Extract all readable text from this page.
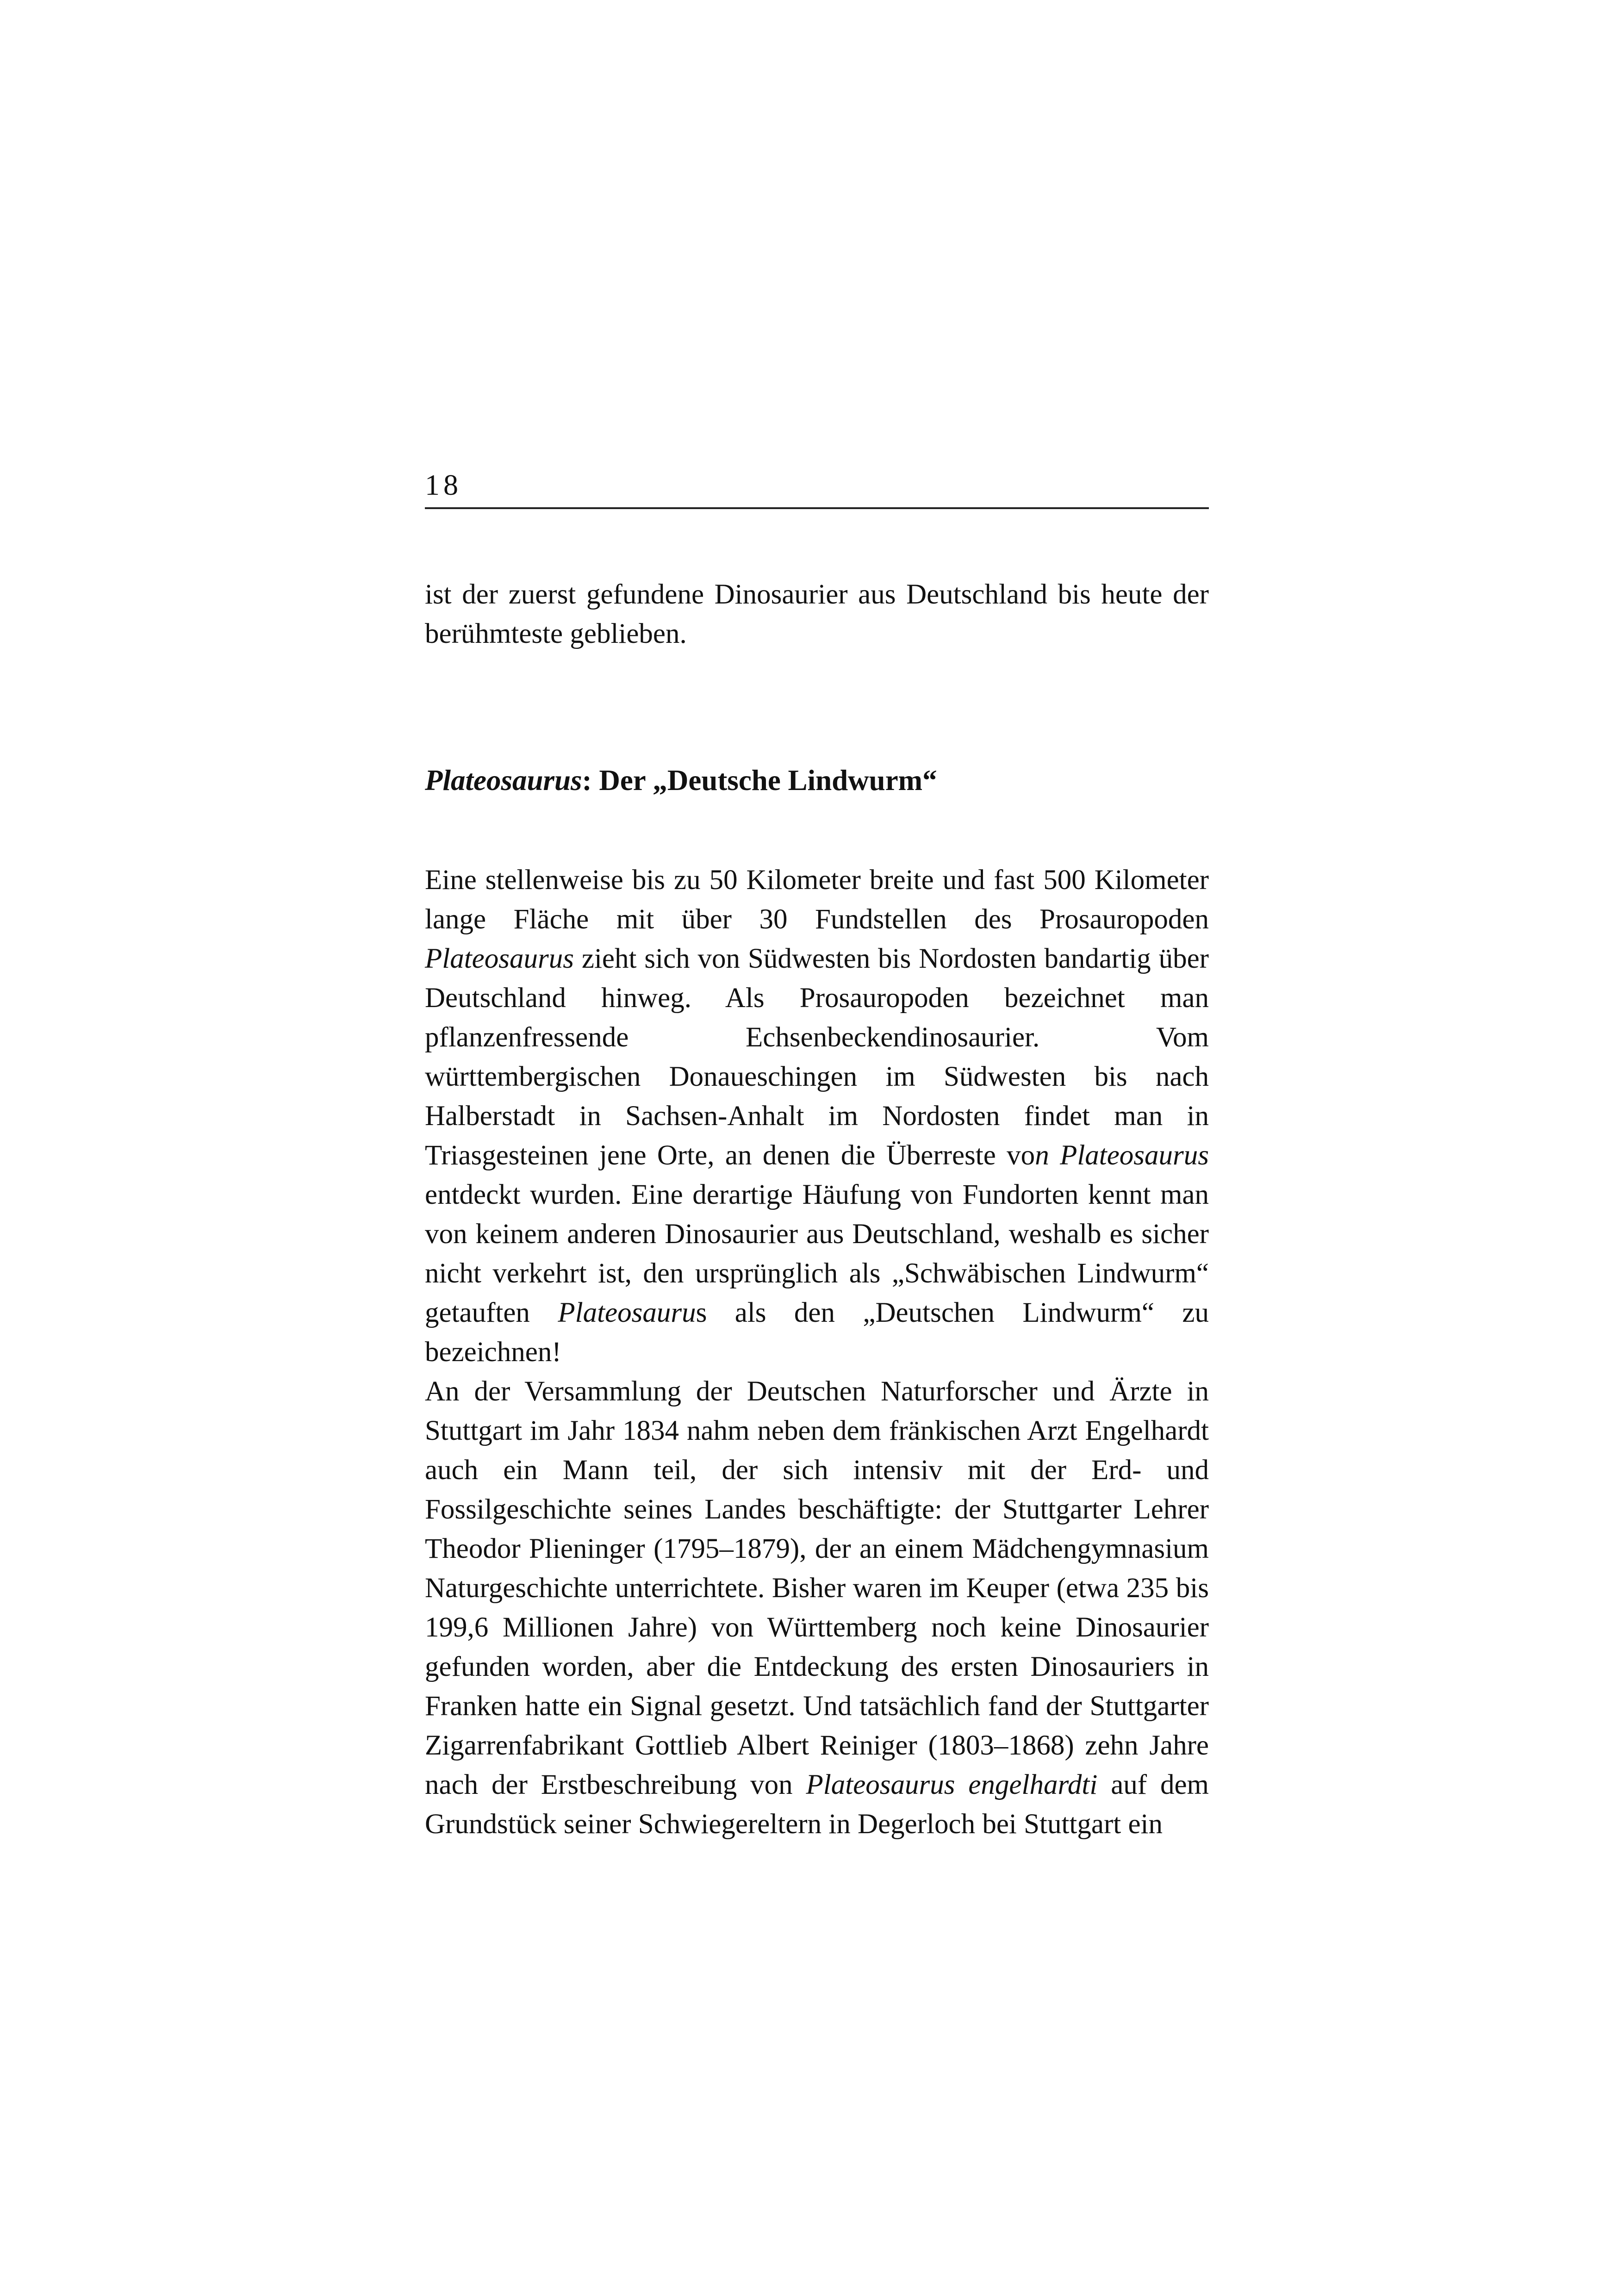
18

ist der zuerst gefundene Dinosaurier aus Deutschland bis heute der berühmteste geblieben.

Plateosaurus: Der „Deutsche Lindwurm“

Eine stellenweise bis zu 50 Kilometer breite und fast 500 Kilometer lange Fläche mit über 30 Fundstellen des Prosauropoden Plateosaurus zieht sich von Südwesten bis Nordosten bandartig über Deutschland hinweg. Als Prosauropoden bezeichnet man pflanzenfressende Echsenbeckendinosaurier. Vom württembergischen Donaueschingen im Südwesten bis nach Halberstadt in Sachsen-Anhalt im Nordosten findet man in Triasgesteinen jene Orte, an denen die Überreste von Plateosaurus entdeckt wurden. Eine derartige Häufung von Fundorten kennt man von keinem anderen Dinosaurier aus Deutschland, weshalb es sicher nicht verkehrt ist, den ursprünglich als „Schwäbischen Lindwurm“ getauften Plateosaurus als den „Deutschen Lindwurm“ zu bezeichnen!

An der Versammlung der Deutschen Naturforscher und Ärzte in Stuttgart im Jahr 1834 nahm neben dem fränkischen Arzt Engelhardt auch ein Mann teil, der sich intensiv mit der Erd- und Fossilgeschichte seines Landes beschäftigte: der Stuttgarter Lehrer Theodor Plieninger (1795–1879), der an einem Mädchengymnasium Naturgeschichte unterrichtete. Bisher waren im Keuper (etwa 235 bis 199,6 Millionen Jahre) von Württemberg noch keine Dinosaurier gefunden worden, aber die Entdeckung des ersten Dinosauriers in Franken hatte ein Signal gesetzt. Und tatsächlich fand der Stuttgarter Zigarrenfabrikant Gottlieb Albert Reiniger (1803–1868) zehn Jahre nach der Erstbeschreibung von Plateosaurus engelhardti auf dem Grundstück seiner Schwiegereltern in Degerloch bei Stuttgart ein
